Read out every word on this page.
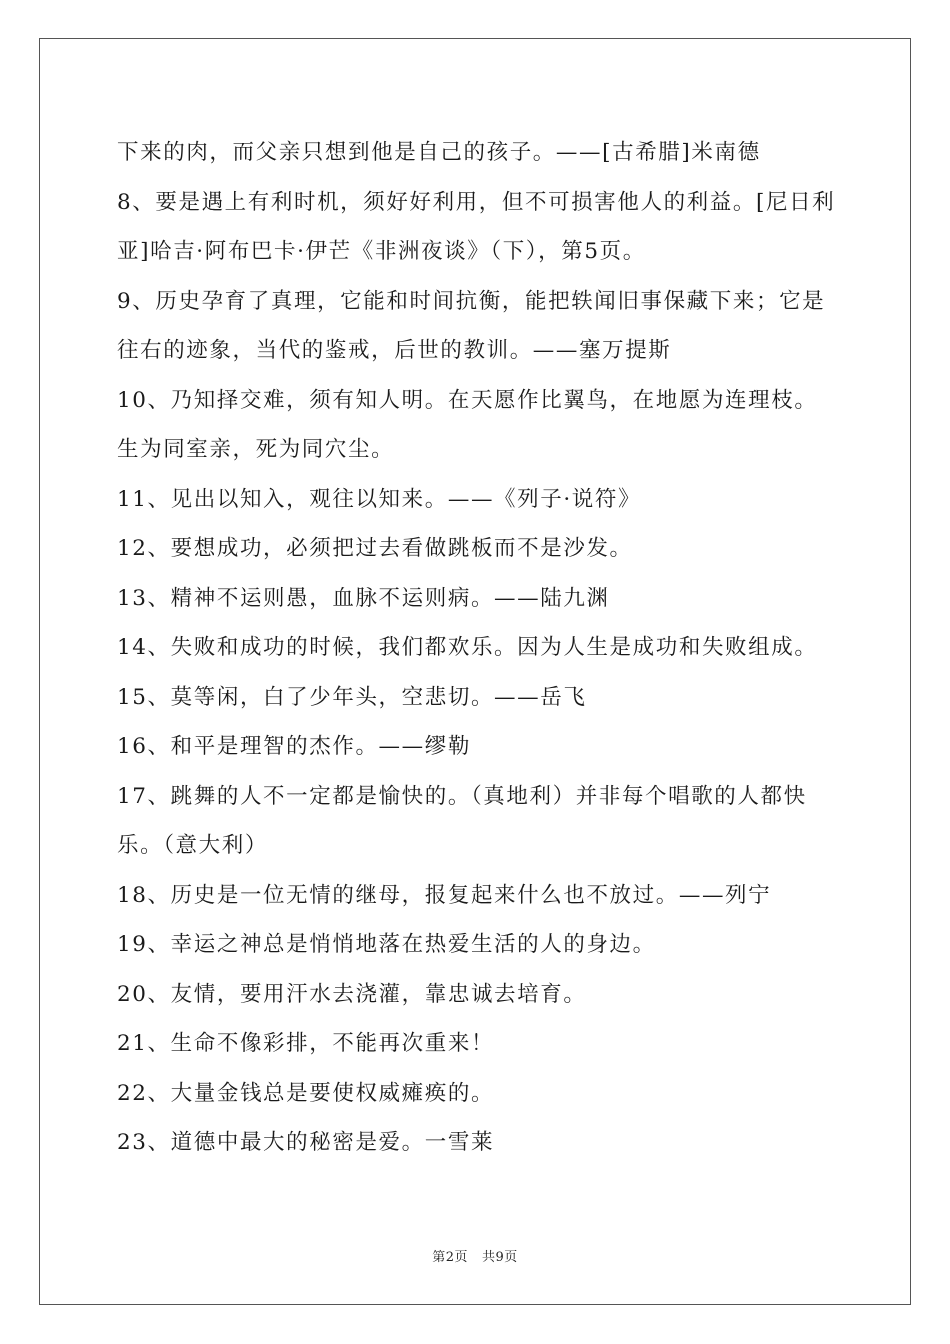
下来的肉，而父亲只想到他是自己的孩子。——[古希腊]米南德

8、要是遇上有利时机，须好好利用，但不可损害他人的利益。[尼日利亚]哈吉·阿布巴卡·伊芒《非洲夜谈》（下），第5页。

9、历史孕育了真理，它能和时间抗衡，能把轶闻旧事保藏下来；它是往右的迹象，当代的鉴戒，后世的教训。——塞万提斯

10、乃知择交难，须有知人明。在天愿作比翼鸟，在地愿为连理枝。生为同室亲，死为同穴尘。

11、见出以知入，观往以知来。——《列子·说符》

12、要想成功，必须把过去看做跳板而不是沙发。

13、精神不运则愚，血脉不运则病。——陆九渊

14、失败和成功的时候，我们都欢乐。因为人生是成功和失败组成。

15、莫等闲，白了少年头，空悲切。——岳飞

16、和平是理智的杰作。——缪勒

17、跳舞的人不一定都是愉快的。（真地利）并非每个唱歌的人都快乐。（意大利）

18、历史是一位无情的继母，报复起来什么也不放过。——列宁

19、幸运之神总是悄悄地落在热爱生活的人的身边。

20、友情，要用汗水去浇灌，靠忠诚去培育。

21、生命不像彩排，不能再次重来！

22、大量金钱总是要使权威瘫痪的。

23、道德中最大的秘密是爱。一雪莱

第2页 共9页
